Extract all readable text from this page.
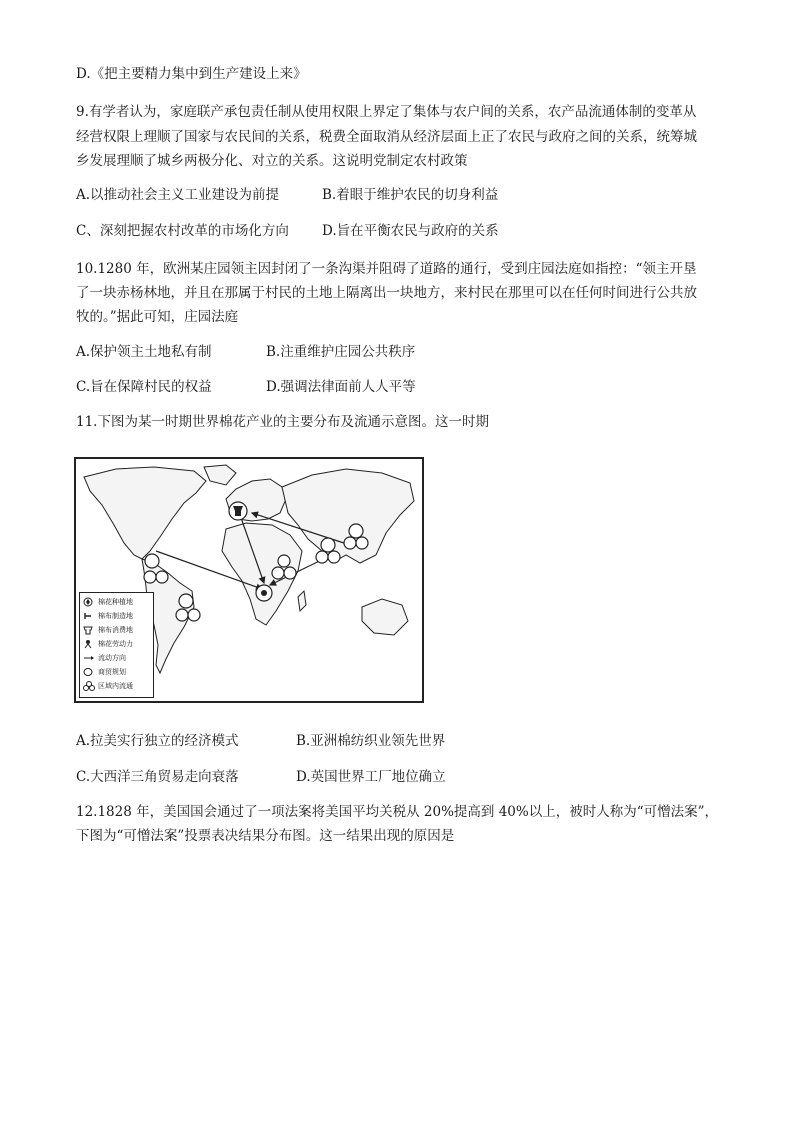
D.《把主要精力集中到生产建设上来》
9.有学者认为，家庭联产承包责任制从使用权限上界定了集体与农户间的关系，农产品流通体制的变革从
经营权限上理顺了国家与农民间的关系，税费全面取消从经济层面上正了农民与政府之间的关系，统筹城
乡发展理顺了城乡两极分化、对立的关系。这说明党制定农村政策
A.以推动社会主义工业建设为前提	B.着眼于维护农民的切身利益
C、深刻把握农村改革的市场化方向 D.旨在平衡农民与政府的关系
10.1280 年，欧洲某庄园领主因封闭了一条沟渠并阻碍了道路的通行，受到庄园法庭如指控：“领主开垦
了一块赤杨林地，并且在那属于村民的土地上隔离出一块地方，来村民在那里可以在任何时间进行公共放
牧的。”据此可知，庄园法庭
A.保护领主土地私有制	B.注重维护庄园公共秩序
C.旨在保障村民的权益	D.强调法律面前人人平等
11.下图为某一时期世界棉花产业的主要分布及流通示意图。这一时期
棉花种植地
棉布制造地
棉布消费地
棉花劳动力
流动方向
商贸规划
区域内流通
A.拉美实行独立的经济模式	B.亚洲棉纺织业领先世界
C.大西洋三角贸易走向衰落	D.英国世界工厂地位确立
12.1828 年，美国国会通过了一项法案将美国平均关税从 20%提高到 40%以上，被时人称为“可憎法案”，
下图为“可憎法案”投票表决结果分布图。这一结果出现的原因是
